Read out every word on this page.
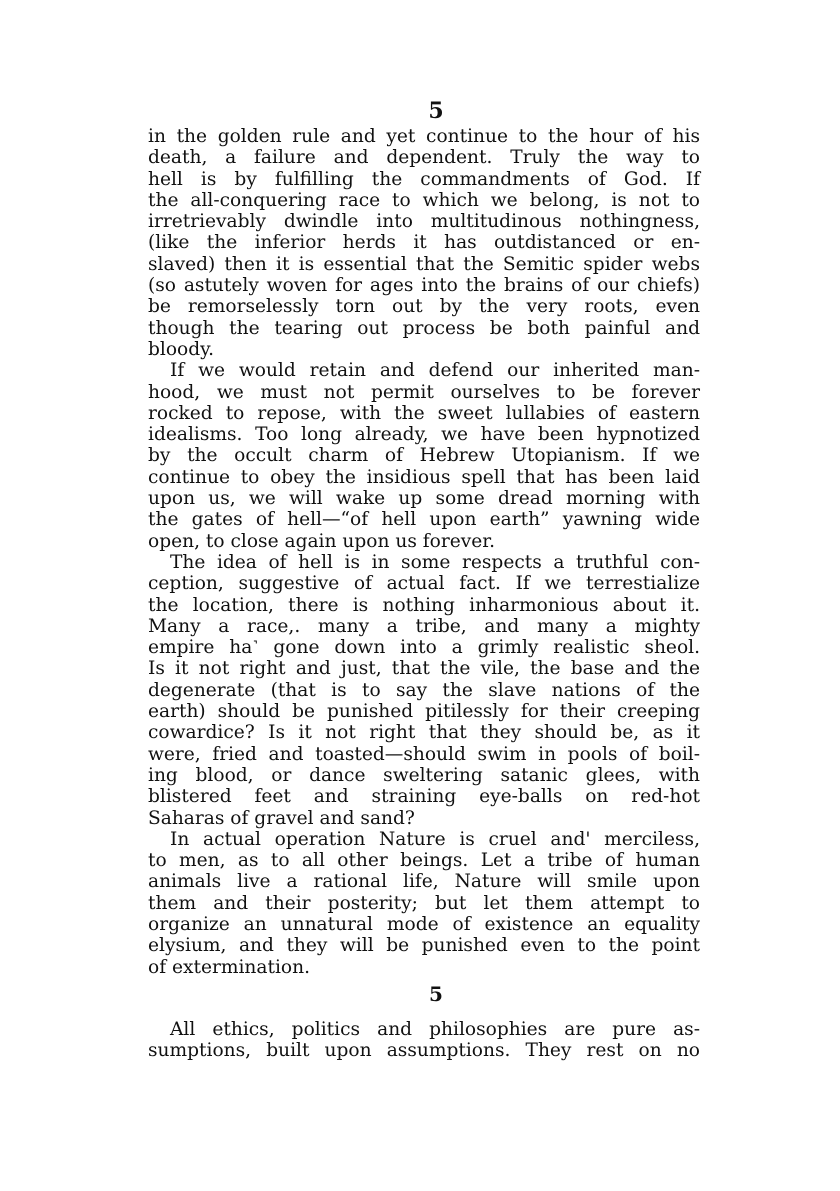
5
in the golden rule and yet continue to the hour of his
death, a failure and dependent. Truly the way to
hell is by fulfilling the commandments of God. If
the all-conquering race to which we belong, is not to
irretrievably dwindle into multitudinous nothingness,
(like the inferior herds it has outdistanced or en-
slaved) then it is essential that the Semitic spider webs
(so astutely woven for ages into the brains of our chiefs)
be remorselessly torn out by the very roots, even
though the tearing out process be both painful and
bloody.
If we would retain and defend our inherited man-
hood, we must not permit ourselves to be forever
rocked to repose, with the sweet lullabies of eastern
idealisms. Too long already, we have been hypnotized
by the occult charm of Hebrew Utopianism. If we
continue to obey the insidious spell that has been laid
upon us, we will wake up some dread morning with
the gates of hell—“of hell upon earth” yawning wide
open, to close again upon us forever.
The idea of hell is in some respects a truthful con-
ception, suggestive of actual fact. If we terrestialize
the location, there is nothing inharmonious about it.
Many a race,. many a tribe, and many a mighty
empire ha˺ gone down into a grimly realistic sheol.
Is it not right and just, that the vile, the base and the
degenerate (that is to say the slave nations of the
earth) should be punished pitilessly for their creeping
cowardice? Is it not right that they should be, as it
were, fried and toasted—should swim in pools of boil-
ing blood, or dance sweltering satanic glees, with
blistered feet and straining eye-balls on red-hot
Saharas of gravel and sand?
In actual operation Nature is cruel and' merciless,
to men, as to all other beings. Let a tribe of human
animals live a rational life, Nature will smile upon
them and their posterity; but let them attempt to
organize an unnatural mode of existence an equality
elysium, and they will be punished even to the point
of extermination.
5
All ethics, politics and philosophies are pure as-
sumptions, built upon assumptions. They rest on no
